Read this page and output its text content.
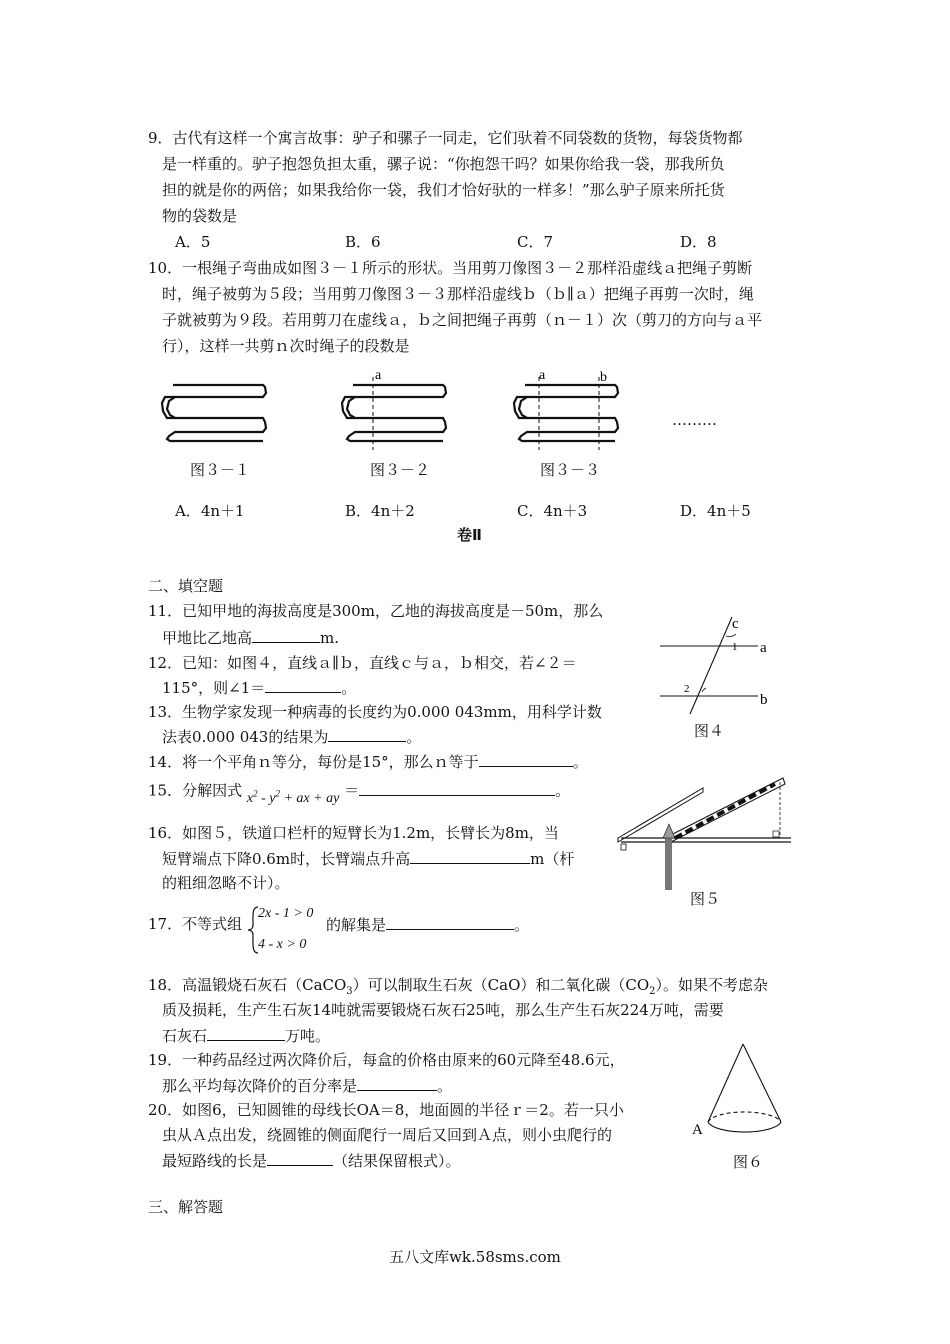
9．古代有这样一个寓言故事：驴子和骡子一同走，它们驮着不同袋数的货物，每袋货物都
是一样重的。驴子抱怨负担太重，骡子说：“你抱怨干吗？如果你给我一袋，那我所负
担的就是你的两倍；如果我给你一袋，我们才恰好驮的一样多！”那么驴子原来所托货
物的袋数是
A．5	B．6	C．7	D．8
10．一根绳子弯曲成如图３－１所示的形状。当用剪刀像图３－２那样沿虚线ａ把绳子剪断
时，绳子被剪为５段；当用剪刀像图３－３那样沿虚线ｂ（ｂ∥ａ）把绳子再剪一次时，绳
子就被剪为９段。若用剪刀在虚线ａ，ｂ之间把绳子再剪（ｎ－１）次（剪刀的方向与ａ平
行），这样一共剪ｎ次时绳子的段数是
a	a	b
………
图３－１	图３－２	图３－３
A．4n＋1	B．4n＋2	C．4n＋3	D．4n＋5
卷Ⅱ
二、填空题
11．已知甲地的海拔高度是300m，乙地的海拔高度是－50m，那么
甲地比乙地高	m.
12．已知：如图４，直线ａ∥ｂ，直线ｃ与ａ，ｂ相交，若∠２＝
115°，则∠1＝	。
13．生物学家发现一种病毒的长度约为0.000 043mm，用科学计数
法表0.000 043的结果为	。
14．将一个平角ｎ等分，每份是15°，那么ｎ等于	。
15．分解因式 $x^2 - y^2$ + ax + ay ＝	。
16．如图５，铁道口栏杆的短臂长为1.2m，长臂长为8m，当
短臂端点下降0.6m时，长臂端点升高	m（杆
的粗细忽略不计）。
17．不等式组
2x - 1 > 0
4 - x > 0
的解集是	。
18．高温锻烧石灰石（CaCO$_3$）可以制取生石灰（CaO）和二氧化碳$(CO_2)$。如果不考虑杂
质及损耗，生产生石灰14吨就需要锻烧石灰石25吨，那么生产生石灰224万吨，需要
石灰石	万吨。
19．一种药品经过两次降价后，每盒的价格由原来的60元降至48.6元，
那么平均每次降价的百分率是	。
20．如图6，已知圆锥的母线长OA＝8，地面圆的半径ｒ＝2。若一只小
虫从Ａ点出发，绕圆锥的侧面爬行一周后又回到Ａ点，则小虫爬行的
最短路线的长是	（结果保留根式）。
c
a
b
1
2
图４
图５
A
图６
三、解答题
五八文库wk.58sms.com
